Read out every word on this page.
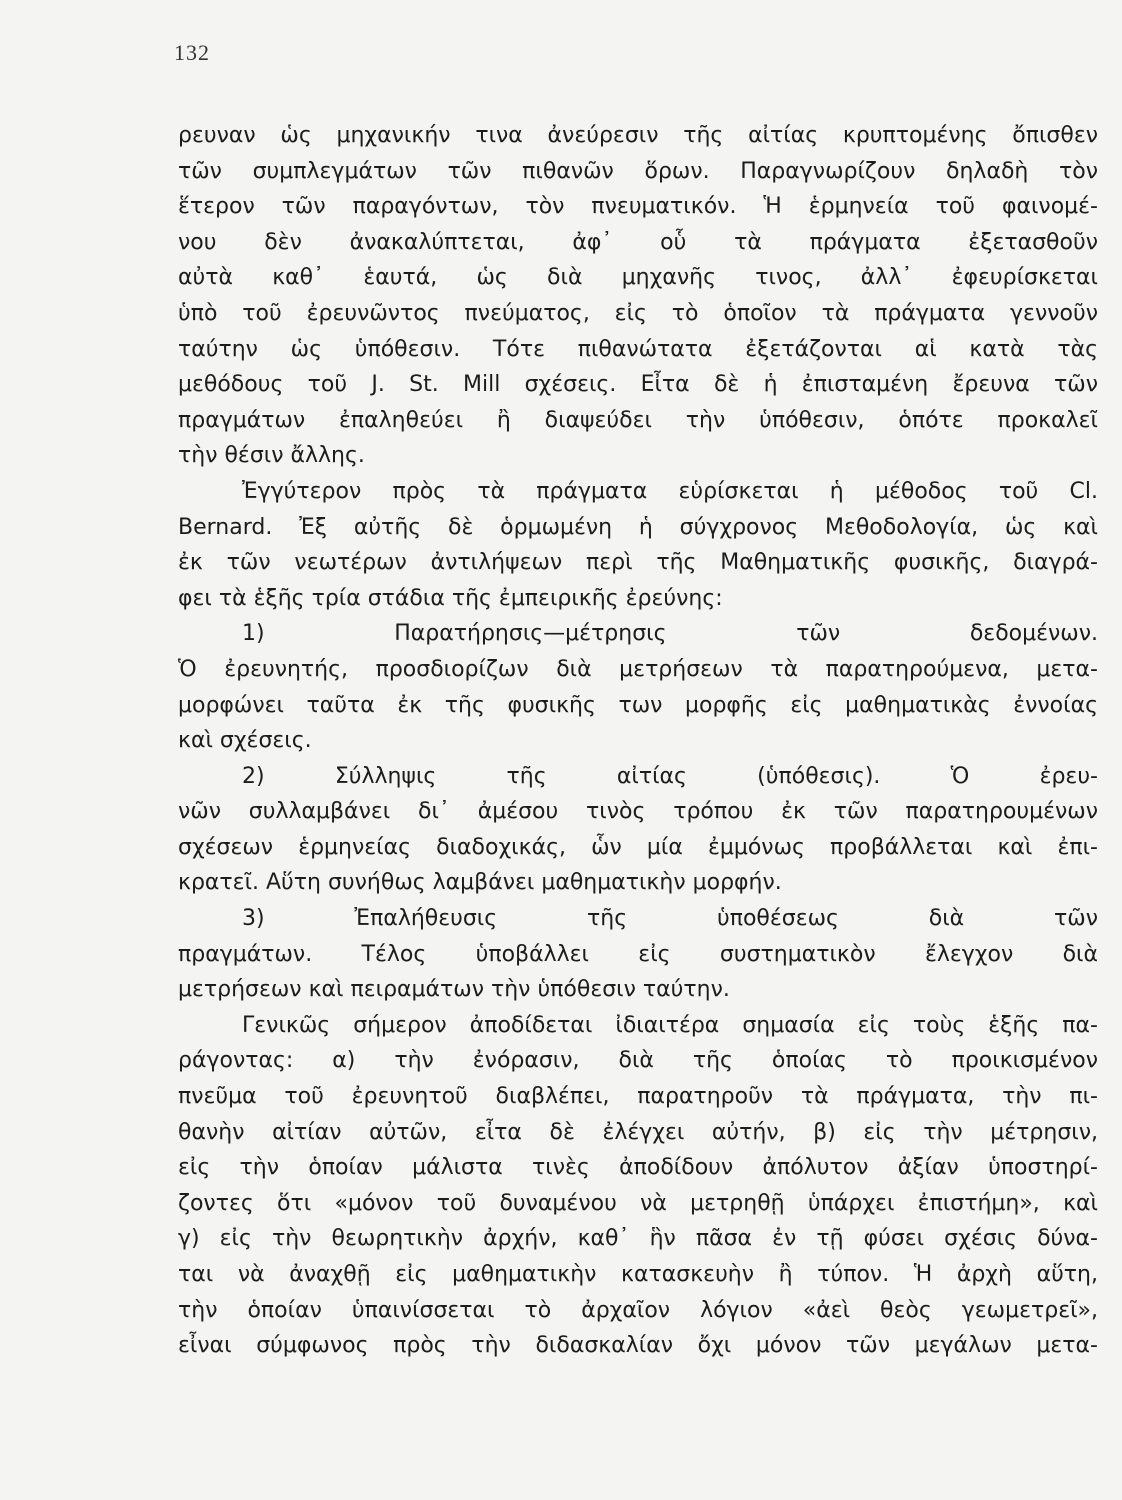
132
ρευναν ὡς μηχανικήν τινα ἀνεύρεσιν τῆς αἰτίας κρυπτομένης ὄπισθεν
τῶν συμπλεγμάτων τῶν πιθανῶν ὅρων. Παραγνωρίζουν δηλαδὴ τὸν
ἕτερον τῶν παραγόντων, τὸν πνευματικόν. Ἡ ἑρμηνεία τοῦ φαινομέ-
νου δὲν ἀνακαλύπτεται, ἀφ᾽ οὗ τὰ πράγματα ἐξετασθοῦν
αὐτὰ καθ᾽ ἑαυτά, ὡς διὰ μηχανῆς τινος, ἀλλ᾽ ἐφευρίσκεται
ὑπὸ τοῦ ἐρευνῶντος πνεύματος, εἰς τὸ ὁποῖον τὰ πράγματα γεννοῦν
ταύτην ὡς ὑπόθεσιν. Τότε πιθανώτατα ἐξετάζονται αἱ κατὰ τὰς
μεθόδους τοῦ J. St. Mill σχέσεις. Εἶτα δὲ ἡ ἐπισταμένη ἔρευνα τῶν
πραγμάτων ἐπαληθεύει ἢ διαψεύδει τὴν ὑπόθεσιν, ὁπότε προκαλεῖ
τὴν θέσιν ἄλλης.
Ἐγγύτερον πρὸς τὰ πράγματα εὑρίσκεται ἡ μέθοδος τοῦ Cl.
Bernard. Ἐξ αὐτῆς δὲ ὁρμωμένη ἡ σύγχρονος Μεθοδολογία, ὡς καὶ
ἐκ τῶν νεωτέρων ἀντιλήψεων περὶ τῆς Μαθηματικῆς φυσικῆς, διαγρά-
φει τὰ ἑξῆς τρία στάδια τῆς ἐμπειρικῆς ἐρεύνης:
1) Παρατήρησις—μέτρησις τῶν δεδομένων.
Ὁ ἐρευνητής, προσδιορίζων διὰ μετρήσεων τὰ παρατηρούμενα, μετα-
μορφώνει ταῦτα ἐκ τῆς φυσικῆς των μορφῆς εἰς μαθηματικὰς ἐννοίας
καὶ σχέσεις.
2) Σύλληψις τῆς αἰτίας (ὑπόθεσις). Ὁ ἐρευ-
νῶν συλλαμβάνει δι᾽ ἀμέσου τινὸς τρόπου ἐκ τῶν παρατηρουμένων
σχέσεων ἑρμηνείας διαδοχικάς, ὧν μία ἐμμόνως προβάλλεται καὶ ἐπι-
κρατεῖ. Αὕτη συνήθως λαμβάνει μαθηματικὴν μορφήν.
3) Ἐπαλήθευσις τῆς ὑποθέσεως διὰ τῶν
πραγμάτων. Τέλος ὑποβάλλει εἰς συστηματικὸν ἔλεγχον διὰ
μετρήσεων καὶ πειραμάτων τὴν ὑπόθεσιν ταύτην.
Γενικῶς σήμερον ἀποδίδεται ἰδιαιτέρα σημασία εἰς τοὺς ἑξῆς πα-
ράγοντας: α) τὴν ἐνόρασιν, διὰ τῆς ὁποίας τὸ προικισμένον
πνεῦμα τοῦ ἐρευνητοῦ διαβλέπει, παρατηροῦν τὰ πράγματα, τὴν πι-
θανὴν αἰτίαν αὐτῶν, εἶτα δὲ ἐλέγχει αὐτήν, β) εἰς τὴν μέτρησιν,
εἰς τὴν ὁποίαν μάλιστα τινὲς ἀποδίδουν ἀπόλυτον ἀξίαν ὑποστηρί-
ζοντες ὅτι «μόνον τοῦ δυναμένου νὰ μετρηθῇ ὑπάρχει ἐπιστήμη», καὶ
γ) εἰς τὴν θεωρητικὴν ἀρχήν, καθ᾽ ἣν πᾶσα ἐν τῇ φύσει σχέσις δύνα-
ται νὰ ἀναχθῇ εἰς μαθηματικὴν κατασκευὴν ἢ τύπον. Ἡ ἀρχὴ αὕτη,
τὴν ὁποίαν ὑπαινίσσεται τὸ ἀρχαῖον λόγιον «ἀεὶ θεὸς γεωμετρεῖ»,
εἶναι σύμφωνος πρὸς τὴν διδασκαλίαν ὄχι μόνον τῶν μεγάλων μετα-
